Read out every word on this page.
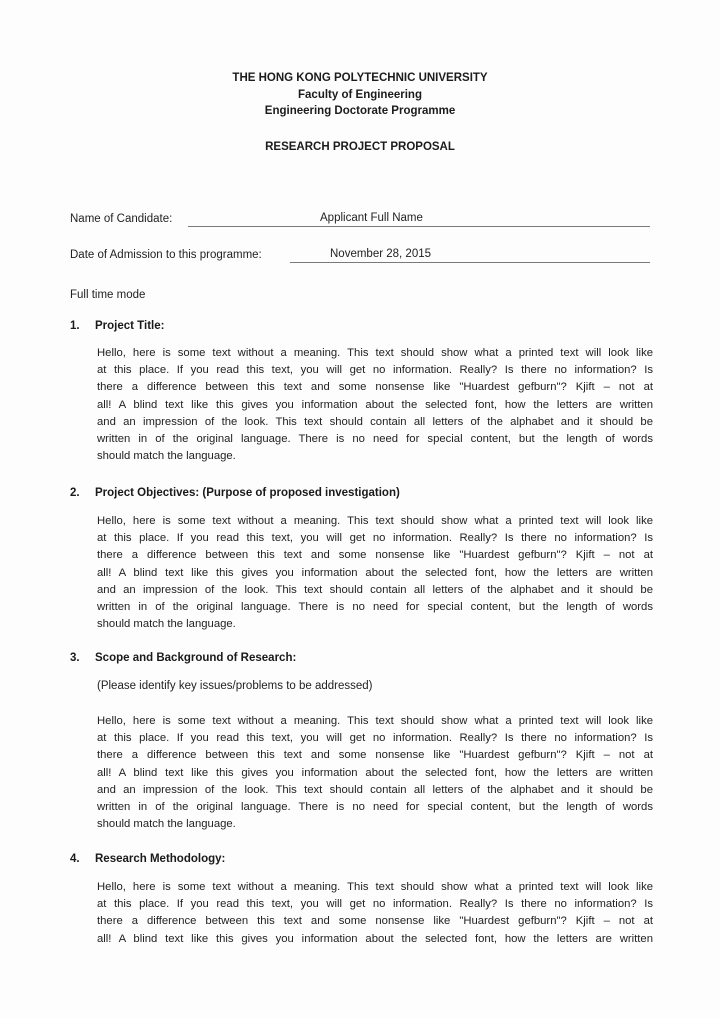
THE HONG KONG POLYTECHNIC UNIVERSITY
Faculty of Engineering
Engineering Doctorate Programme
RESEARCH PROJECT PROPOSAL
Name of Candidate:	Applicant Full Name
Date of Admission to this programme:	November 28, 2015
Full time mode
1. Project Title:
Hello, here is some text without a meaning. This text should show what a printed text will look like
at this place. If you read this text, you will get no information. Really? Is there no information? Is
there a difference between this text and some nonsense like "Huardest gefburn"? Kjift – not at
all! A blind text like this gives you information about the selected font, how the letters are written
and an impression of the look. This text should contain all letters of the alphabet and it should be
written in of the original language. There is no need for special content, but the length of words
should match the language.
2. Project Objectives: (Purpose of proposed investigation)
Hello, here is some text without a meaning. This text should show what a printed text will look like
at this place. If you read this text, you will get no information. Really? Is there no information? Is
there a difference between this text and some nonsense like "Huardest gefburn"? Kjift – not at
all! A blind text like this gives you information about the selected font, how the letters are written
and an impression of the look. This text should contain all letters of the alphabet and it should be
written in of the original language. There is no need for special content, but the length of words
should match the language.
3. Scope and Background of Research:
(Please identify key issues/problems to be addressed)
Hello, here is some text without a meaning. This text should show what a printed text will look like
at this place. If you read this text, you will get no information. Really? Is there no information? Is
there a difference between this text and some nonsense like "Huardest gefburn"? Kjift – not at
all! A blind text like this gives you information about the selected font, how the letters are written
and an impression of the look. This text should contain all letters of the alphabet and it should be
written in of the original language. There is no need for special content, but the length of words
should match the language.
4. Research Methodology:
Hello, here is some text without a meaning. This text should show what a printed text will look like
at this place. If you read this text, you will get no information. Really? Is there no information? Is
there a difference between this text and some nonsense like "Huardest gefburn"? Kjift – not at
all! A blind text like this gives you information about the selected font, how the letters are written
